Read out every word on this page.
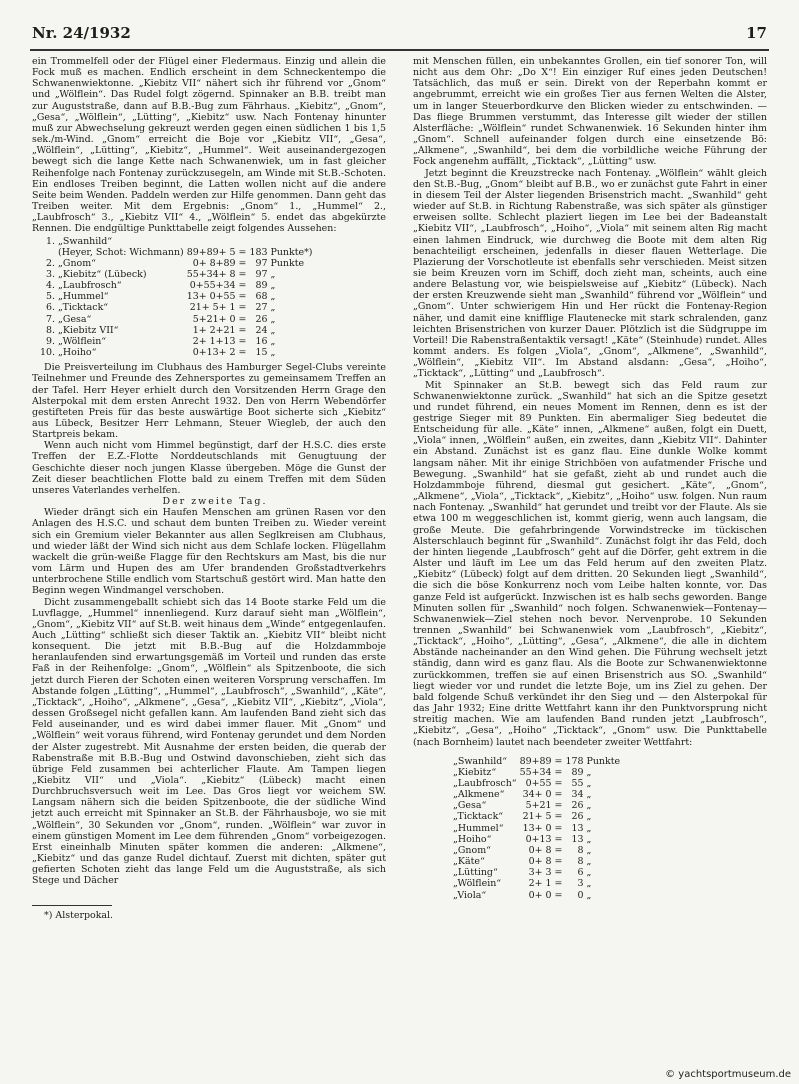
Nr. 24/1932	17

ein Trommelfell oder der Flügel einer Fledermaus. Einzig und allein die Fock muß es machen. Endlich erscheint in dem Schneckentempo die Schwanenwiektonne. „Kiebitz VII“ nähert sich ihr führend vor „Gnom“ und „Wölflein“. Das Rudel folgt zögernd. Spinnaker an B.B. treibt man zur Auguststraße, dann auf B.B.-Bug zum Fährhaus. „Kiebitz“, „Gnom“, „Gesa“, „Wölflein“, „Lütting“, „Kiebitz“ usw. Nach Fontenay hinunter muß zur Abwechselung gekreuzt werden gegen einen südlichen 1 bis 1,5 sek./m-Wind. „Gnom“ erreicht die Boje vor „Kiebitz VII“, „Gesa“, „Wölflein“, „Lütting“, „Kiebitz“, „Hummel“. Weit auseinandergezogen bewegt sich die lange Kette nach Schwanenwiek, um in fast gleicher Reihenfolge nach Fontenay zurückzusegeln, am Winde mit St.B.-Schoten. Ein endloses Treiben beginnt, die Latten wollen nicht auf die andere Seite beim Wenden. Paddeln werden zur Hilfe genommen. Dann geht das Treiben weiter. Mit dem Ergebnis: „Gnom“ 1., „Hummel“ 2., „Laubfrosch“ 3., „Kiebitz VII“ 4., „Wölflein“ 5. endet das abgekürzte Rennen. Die endgültige Punkttabelle zeigt folgendes Aussehen:

1.	„Swanhild“			
	(Heyer, Schot: Wichmann)	89+89+ 5 =	183	Punkte*)
2.	„Gnom“	0+ 8+89 =	97	Punkte
3.	„Kiebitz“ (Lübeck)	55+34+ 8 =	97	„
4.	„Laubfrosch“	0+55+34 =	89	„
5.	„Hummel“	13+ 0+55 =	68	„
6.	„Ticktack“	21+ 5+ 1 =	27	„
7.	„Gesa“	5+21+ 0 =	26	„
8.	„Kiebitz VII“	1+ 2+21 =	24	„
9.	„Wölflein“	2+ 1+13 =	16	„
10.	„Hoiho“	0+13+ 2 =	15	„

Die Preisverteilung im Clubhaus des Hamburger Segel-Clubs vereinte Teilnehmer und Freunde des Zehnersportes zu gemeinsamem Treffen an der Tafel. Herr Heyer erhielt durch den Vorsitzenden Herrn Grage den Alsterpokal mit dem ersten Anrecht 1932. Den von Herrn Webendörfer gestifteten Preis für das beste auswärtige Boot sicherte sich „Kiebitz“ aus Lübeck, Besitzer Herr Lehmann, Steuer Wiegleb, der auch den Startpreis bekam.

Wenn auch nicht vom Himmel begünstigt, darf der H.S.C. dies erste Treffen der E.Z.-Flotte Norddeutschlands mit Genugtuung der Geschichte dieser noch jungen Klasse übergeben. Möge die Gunst der Zeit dieser beachtlichen Flotte bald zu einem Treffen mit dem Süden unseres Vaterlandes verhelfen.

Der zweite Tag.

Wieder drängt sich ein Haufen Menschen am grünen Rasen vor den Anlagen des H.S.C. und schaut dem bunten Treiben zu. Wieder vereint sich ein Gremium vieler Bekannter aus allen Seglkreisen am Clubhaus, und wieder läßt der Wind sich nicht aus dem Schlafe locken. Flügellahm wackelt die grün-weiße Flagge für den Rechtskurs am Mast, bis die nur vom Lärm und Hupen des am Ufer brandenden Großstadtverkehrs unterbrochene Stille endlich vom Startschuß gestört wird. Man hatte den Beginn wegen Windmangel verschoben.

Dicht zusammengeballt schiebt sich das 14 Boote starke Feld um die Luvflagge, „Hummel“ innenliegend. Kurz darauf sieht man „Wölflein“, „Gnom“, „Kiebitz VII“ auf St.B. weit hinaus dem „Winde“ entgegenlaufen. Auch „Lütting“ schließt sich dieser Taktik an. „Kiebitz VII“ bleibt nicht konsequent. Die jetzt mit B.B.-Bug auf die Holzdammboje heranlaufenden sind erwartungsgemäß im Vorteil und runden das erste Faß in der Reihenfolge: „Gnom“, „Wölflein“ als Spitzenboote, die sich jetzt durch Fieren der Schoten einen weiteren Vorsprung verschaffen. Im Abstande folgen „Lütting“, „Hummel“, „Laubfrosch“, „Swanhild“, „Käte“, „Ticktack“, „Hoiho“, „Alkmene“, „Gesa“, „Kiebitz VII“, „Kiebitz“, „Viola“, dessen Großsegel nicht gefallen kann. Am laufenden Band zieht sich das Feld auseinander, und es wird dabei immer flauer. Mit „Gnom“ und „Wölflein“ weit voraus führend, wird Fontenay gerundet und dem Norden der Alster zugestrebt. Mit Ausnahme der ersten beiden, die querab der Rabenstraße mit B.B.-Bug und Ostwind davonschieben, zieht sich das übrige Feld zusammen bei achterlicher Flaute. Am Tampen liegen „Kiebitz VII“ und „Viola“. „Kiebitz“ (Lübeck) macht einen Durchbruchsversuch weit im Lee. Das Gros liegt vor weichem SW. Langsam nähern sich die beiden Spitzenboote, die der südliche Wind jetzt auch erreicht mit Spinnaker an St.B. der Fährhausboje, wo sie mit „Wölflein“, 30 Sekunden vor „Gnom“, runden. „Wölflein“ war zuvor in einem günstigen Moment im Lee dem führenden „Gnom“ vorbeigezogen. Erst eineinhalb Minuten später kommen die anderen: „Alkmene“, „Kiebitz“ und das ganze Rudel dichtauf. Zuerst mit dichten, später gut gefierten Schoten zieht das lange Feld um die Auguststraße, als sich Stege und Dächer

*) Alsterpokal.

mit Menschen füllen, ein unbekanntes Grollen, ein tief sonorer Ton, will nicht aus dem Ohr: „Do X“! Ein einziger Ruf eines jeden Deutschen! Tatsächlich, das muß er sein. Direkt von der Reperbahn kommt er angebrummt, erreicht wie ein großes Tier aus fernen Welten die Alster, um in langer Steuerbordkurve den Blicken wieder zu entschwinden. — Das fliege Brummen verstummt, das Interesse gilt wieder der stillen Alsterfläche: „Wölflein“ rundet Schwanenwiek. 16 Sekunden hinter ihm „Gnom“. Schnell aufeinander folgen durch eine einsetzende Bö: „Alkmene“, „Swanhild“, bei dem die vorbildliche weiche Führung der Fock angenehm auffällt, „Ticktack“, „Lütting“ usw.

Jetzt beginnt die Kreuzstrecke nach Fontenay. „Wölflein“ wählt gleich den St.B.-Bug, „Gnom“ bleibt auf B.B., wo er zunächst gute Fahrt in einer in diesem Teil der Alster liegenden Brisenstrich macht. „Swanhild“ geht wieder auf St.B. in Richtung Rabenstraße, was sich später als günstiger erweisen sollte. Schlecht plaziert liegen im Lee bei der Badeanstalt „Kiebitz VII“, „Laubfrosch“, „Hoiho“, „Viola“ mit seinem alten Rig macht einen lahmen Eindruck, wie durchweg die Boote mit dem alten Rig benachteiligt erscheinen, jedenfalls in dieser flauen Wetterlage. Die Plazierung der Vorschotleute ist ebenfalls sehr verschieden. Meist sitzen sie beim Kreuzen vorn im Schiff, doch zieht man, scheints, auch eine andere Belastung vor, wie beispielsweise auf „Kiebitz“ (Lübeck). Nach der ersten Kreuzwende sieht man „Swanhild“ führend vor „Wölflein“ und „Gnom“. Unter schwierigem Hin und Her rückt die Fontenay-Region näher, und damit eine knifflige Flautenecke mit stark schralenden, ganz leichten Brisenstrichen von kurzer Dauer. Plötzlich ist die Südgruppe im Vorteil! Die Rabenstraßentaktik versagt! „Käte“ (Steinhude) rundet. Alles kommt anders. Es folgen „Viola“, „Gnom“, „Alkmene“, „Swanhild“, „Wölflein“, „Kiebitz VII“. Im Abstand alsdann: „Gesa“, „Hoiho“, „Ticktack“, „Lütting“ und „Laubfrosch“.

Mit Spinnaker an St.B. bewegt sich das Feld raum zur Schwanenwiektonne zurück. „Swanhild“ hat sich an die Spitze gesetzt und rundet führend, ein neues Moment im Rennen, denn es ist der gestrige Sieger mit 89 Punkten. Ein abermaliger Sieg bedeutet die Entscheidung für alle. „Käte“ innen, „Alkmene“ außen, folgt ein Duett, „Viola“ innen, „Wölflein“ außen, ein zweites, dann „Kiebitz VII“. Dahinter ein Abstand. Zunächst ist es ganz flau. Eine dunkle Wolke kommt langsam näher. Mit ihr einige Strichböen von aufatmender Frische und Bewegung. „Swanhild“ hat sie gefaßt, zieht ab und rundet auch die Holzdammboje führend, diesmal gut gesichert. „Käte“, „Gnom“, „Alkmene“, „Viola“, „Ticktack“, „Kiebitz“, „Hoiho“ usw. folgen. Nun raum nach Fontenay. „Swanhild“ hat gerundet und treibt vor der Flaute. Als sie etwa 100 m weggeschlichen ist, kommt gierig, wenn auch langsam, die große Meute. Die gefahrbringende Vorwindstrecke im tückischen Alsterschlauch beginnt für „Swanhild“. Zunächst folgt ihr das Feld, doch der hinten liegende „Laubfrosch“ geht auf die Dörfer, geht extrem in die Alster und läuft im Lee um das Feld herum auf den zweiten Platz. „Kiebitz“ (Lübeck) folgt auf dem dritten. 20 Sekunden liegt „Swanhild“, die sich die böse Konkurrenz noch vom Leibe halten konnte, vor. Das ganze Feld ist aufgerückt. Inzwischen ist es halb sechs geworden. Bange Minuten sollen für „Swanhild“ noch folgen. Schwanenwiek—Fontenay—Schwanenwiek—Ziel stehen noch bevor. Nervenprobe. 10 Sekunden trennen „Swanhild“ bei Schwanenwiek vom „Laubfrosch“, „Kiebitz“, „Ticktack“, „Hoiho“, „Lütting“, „Gesa“, „Alkmene“, die alle in dichtem Abstände nacheinander an den Wind gehen. Die Führung wechselt jetzt ständig, dann wird es ganz flau. Als die Boote zur Schwanenwiektonne zurückkommen, treffen sie auf einen Brisenstrich aus SO. „Swanhild“ liegt wieder vor und rundet die letzte Boje, um ins Ziel zu gehen. Der bald folgende Schuß verkündet ihr den Sieg und — den Alsterpokal für das Jahr 1932; Eine dritte Wettfahrt kann ihr den Punktvorsprung nicht streitig machen. Wie am laufenden Band runden jetzt „Laubfrosch“, „Kiebitz“, „Gesa“, „Hoiho“ „Ticktack“, „Gnom“ usw. Die Punkttabelle (nach Bornheim) lautet nach beendeter zweiter Wettfahrt:

„Swanhild“	89+89 =	178	Punkte
„Kiebitz“	55+34 =	89	„
„Laubfrosch“	0+55 =	55	„
„Alkmene“	34+ 0 =	34	„
„Gesa“	5+21 =	26	„
„Ticktack“	21+ 5 =	26	„
„Hummel“	13+ 0 =	13	„
„Hoiho“	0+13 =	13	„
„Gnom“	0+ 8 =	8	„
„Käte“	0+ 8 =	8	„
„Lütting“	3+ 3 =	6	„
„Wölflein“	2+ 1 =	3	„
„Viola“	0+ 0 =	0	„
© yachtsportmuseum.de
